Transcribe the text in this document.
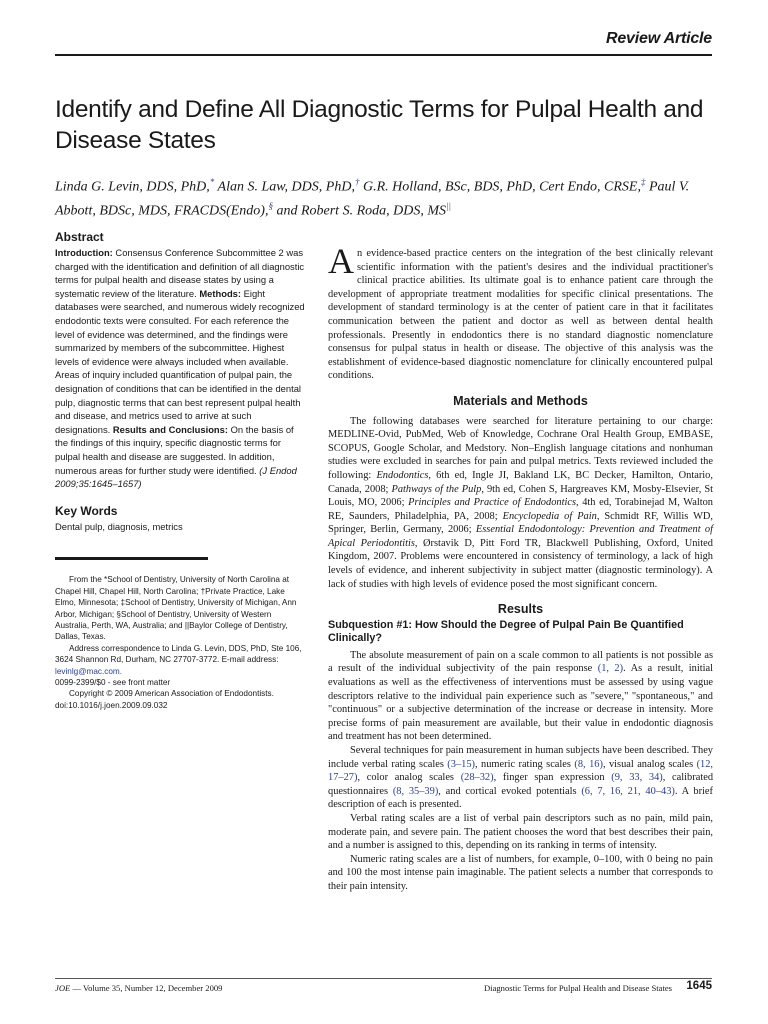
Review Article
Identify and Define All Diagnostic Terms for Pulpal Health and Disease States
Linda G. Levin, DDS, PhD,* Alan S. Law, DDS, PhD,† G.R. Holland, BSc, BDS, PhD, Cert Endo, CRSE,‡ Paul V. Abbott, BDSc, MDS, FRACDS(Endo),§ and Robert S. Roda, DDS, MS||
Abstract

Introduction: Consensus Conference Subcommittee 2 was charged with the identification and definition of all diagnostic terms for pulpal health and disease states by using a systematic review of the literature. Methods: Eight databases were searched, and numerous widely recognized endodontic texts were consulted. For each reference the level of evidence was determined, and the findings were summarized by members of the subcommittee. Highest levels of evidence were always included when available. Areas of inquiry included quantification of pulpal pain, the designation of conditions that can be identified in the dental pulp, diagnostic terms that can best represent pulpal health and disease, and metrics used to arrive at such designations. Results and Conclusions: On the basis of the findings of this inquiry, specific diagnostic terms for pulpal health and disease are suggested. In addition, numerous areas for further study were identified. (J Endod 2009;35:1645–1657)

Key Words

Dental pulp, diagnosis, metrics

From the *School of Dentistry, University of North Carolina at Chapel Hill, Chapel Hill, North Carolina; †Private Practice, Lake Elmo, Minnesota; ‡School of Dentistry, University of Michigan, Ann Arbor, Michigan; §School of Dentistry, University of Western Australia, Perth, WA, Australia; and ||Baylor College of Dentistry, Dallas, Texas.

Address correspondence to Linda G. Levin, DDS, PhD, Ste 106, 3624 Shannon Rd, Durham, NC 27707-3772. E-mail address: levinlg@mac.com.

0099-2399/$0 - see front matter

Copyright © 2009 American Association of Endodontists.

doi:10.1016/j.joen.2009.09.032

An evidence-based practice centers on the integration of the best clinically relevant scientific information with the patient's desires and the individual practitioner's clinical practice abilities. Its ultimate goal is to enhance patient care through the development of appropriate treatment modalities for specific clinical presentations. The development of standard terminology is at the center of patient care in that it facilitates communication between the patient and doctor as well as between dental health professionals. Presently in endodontics there is no standard diagnostic nomenclature consensus for pulpal status in health or disease. The objective of this analysis was the establishment of evidence-based diagnostic nomenclature for clinically encountered pulpal conditions.

Materials and Methods

The following databases were searched for literature pertaining to our charge: MEDLINE-Ovid, PubMed, Web of Knowledge, Cochrane Oral Health Group, EMBASE, SCOPUS, Google Scholar, and Medstory. Non–English language citations and nonhuman studies were excluded in searches for pain and pulpal metrics. Texts reviewed included the following: Endodontics, 6th ed, Ingle JI, Bakland LK, BC Decker, Hamilton, Ontario, Canada, 2008; Pathways of the Pulp, 9th ed, Cohen S, Hargreaves KM, Mosby-Elsevier, St Louis, MO, 2006; Principles and Practice of Endodontics, 4th ed, Torabinejad M, Walton RE, Saunders, Philadelphia, PA, 2008; Encyclopedia of Pain, Schmidt RF, Willis WD, Springer, Berlin, Germany, 2006; Essential Endodontology: Prevention and Treatment of Apical Periodontitis, Ørstavik D, Pitt Ford TR, Blackwell Publishing, Oxford, United Kingdom, 2007. Problems were encountered in consistency of terminology, a lack of high levels of evidence, and inherent subjectivity in subject matter (diagnostic terminology). A lack of studies with high levels of evidence posed the most significant concern.

Results
Subquestion #1: How Should the Degree of Pulpal Pain Be Quantified Clinically?

The absolute measurement of pain on a scale common to all patients is not possible as a result of the individual subjectivity of the pain response (1, 2). As a result, initial evaluations as well as the effectiveness of interventions must be assessed by using vague descriptors relative to the individual pain experience such as "severe," "spontaneous," and "continuous" or a subjective determination of the increase or decrease in intensity. More precise forms of pain measurement are available, but their value in endodontic diagnosis and treatment has not been determined.

Several techniques for pain measurement in human subjects have been described. They include verbal rating scales (3–15), numeric rating scales (8, 16), visual analog scales (12, 17–27), color analog scales (28–32), finger span expression (9, 33, 34), calibrated questionnaires (8, 35–39), and cortical evoked potentials (6, 7, 16, 21, 40–43). A brief description of each is presented.

Verbal rating scales are a list of verbal pain descriptors such as no pain, mild pain, moderate pain, and severe pain. The patient chooses the word that best describes their pain, and a number is assigned to this, depending on its ranking in terms of intensity.

Numeric rating scales are a list of numbers, for example, 0–100, with 0 being no pain and 100 the most intense pain imaginable. The patient selects a number that corresponds to their pain intensity.

JOE — Volume 35, Number 12, December 2009	Diagnostic Terms for Pulpal Health and Disease States 1645
